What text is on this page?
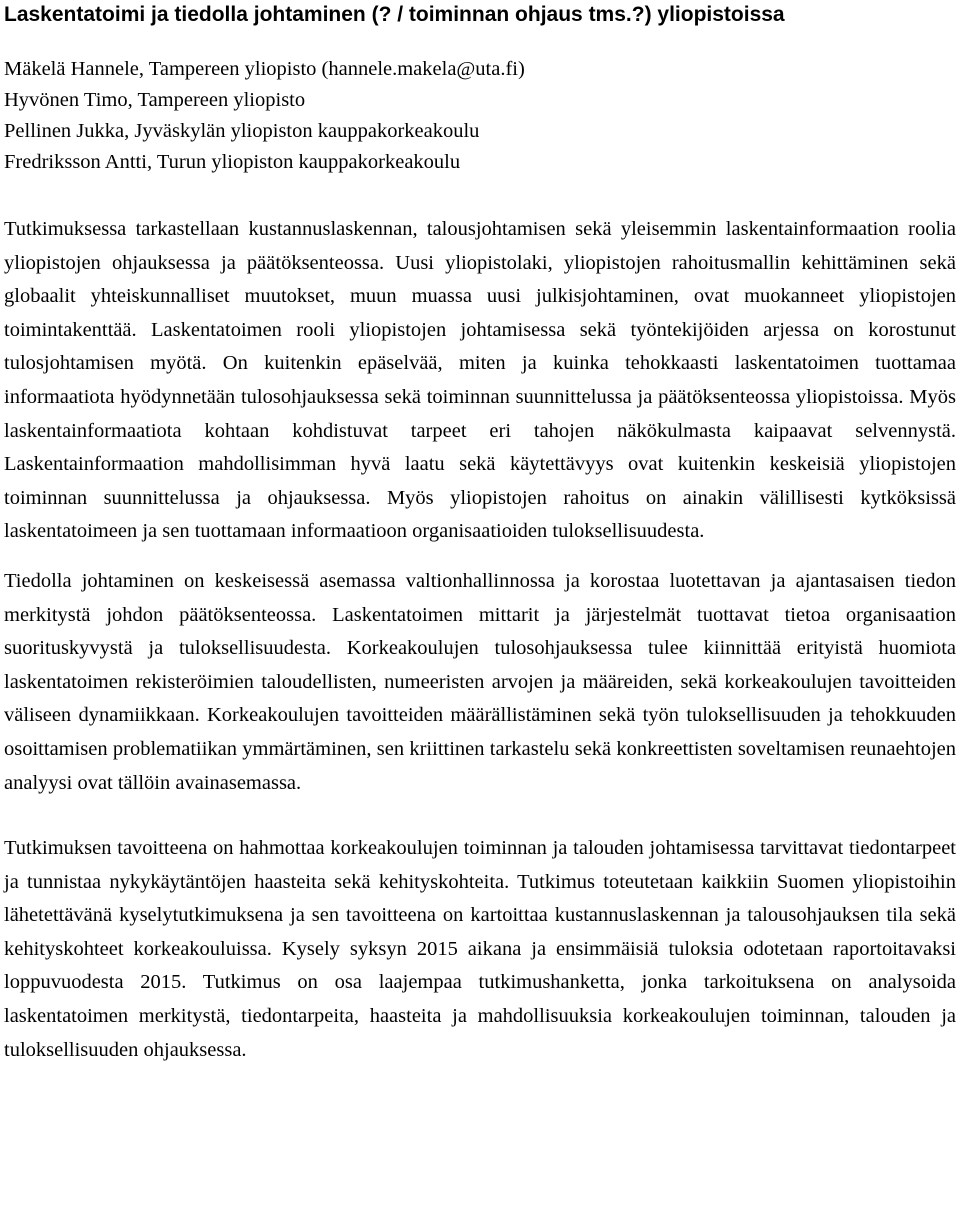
Laskentatoimi ja tiedolla johtaminen (? / toiminnan ohjaus tms.?) yliopistoissa
Mäkelä Hannele, Tampereen yliopisto (hannele.makela@uta.fi)
Hyvönen Timo, Tampereen yliopisto
Pellinen Jukka, Jyväskylän yliopiston kauppakorkeakoulu
Fredriksson Antti, Turun yliopiston kauppakorkeakoulu

Tutkimuksessa tarkastellaan kustannuslaskennan, talousjohtamisen sekä yleisemmin laskentainformaation roolia yliopistojen ohjauksessa ja päätöksenteossa. Uusi yliopistolaki, yliopistojen rahoitusmallin kehittäminen sekä globaalit yhteiskunnalliset muutokset, muun muassa uusi julkisjohtaminen, ovat muokanneet yliopistojen toimintakenttää. Laskentatoimen rooli yliopistojen johtamisessa sekä työntekijöiden arjessa on korostunut tulosjohtamisen myötä. On kuitenkin epäselvää, miten ja kuinka tehokkaasti laskentatoimen tuottamaa informaatiota hyödynnetään tulosohjauksessa sekä toiminnan suunnittelussa ja päätöksenteossa yliopistoissa. Myös laskentainformaatiota kohtaan kohdistuvat tarpeet eri tahojen näkökulmasta kaipaavat selvennystä. Laskentainformaation mahdollisimman hyvä laatu sekä käytettävyys ovat kuitenkin keskeisiä yliopistojen toiminnan suunnittelussa ja ohjauksessa. Myös yliopistojen rahoitus on ainakin välillisesti kytköksissä laskentatoimeen ja sen tuottamaan informaatioon organisaatioiden tuloksellisuudesta.

Tiedolla johtaminen on keskeisessä asemassa valtionhallinnossa ja korostaa luotettavan ja ajantasaisen tiedon merkitystä johdon päätöksenteossa. Laskentatoimen mittarit ja järjestelmät tuottavat tietoa organisaation suorituskyvystä ja tuloksellisuudesta. Korkeakoulujen tulosohjauksessa tulee kiinnittää erityistä huomiota laskentatoimen rekisteröimien taloudellisten, numeeristen arvojen ja määreiden, sekä korkeakoulujen tavoitteiden väliseen dynamiikkaan. Korkeakoulujen tavoitteiden määrällistäminen sekä työn tuloksellisuuden ja tehokkuuden osoittamisen problematiikan ymmärtäminen, sen kriittinen tarkastelu sekä konkreettisten soveltamisen reunaehtojen analyysi ovat tällöin avainasemassa.

Tutkimuksen tavoitteena on hahmottaa korkeakoulujen toiminnan ja talouden johtamisessa tarvittavat tiedontarpeet ja tunnistaa nykykäytäntöjen haasteita sekä kehityskohteita. Tutkimus toteutetaan kaikkiin Suomen yliopistoihin lähetettävänä kyselytutkimuksena ja sen tavoitteena on kartoittaa kustannuslaskennan ja talousohjauksen tila sekä kehityskohteet korkeakouluissa. Kysely syksyn 2015 aikana ja ensimmäisiä tuloksia odotetaan raportoitavaksi loppuvuodesta 2015. Tutkimus on osa laajempaa tutkimushanketta, jonka tarkoituksena on analysoida laskentatoimen merkitystä, tiedontarpeita, haasteita ja mahdollisuuksia korkeakoulujen toiminnan, talouden ja tuloksellisuuden ohjauksessa.
